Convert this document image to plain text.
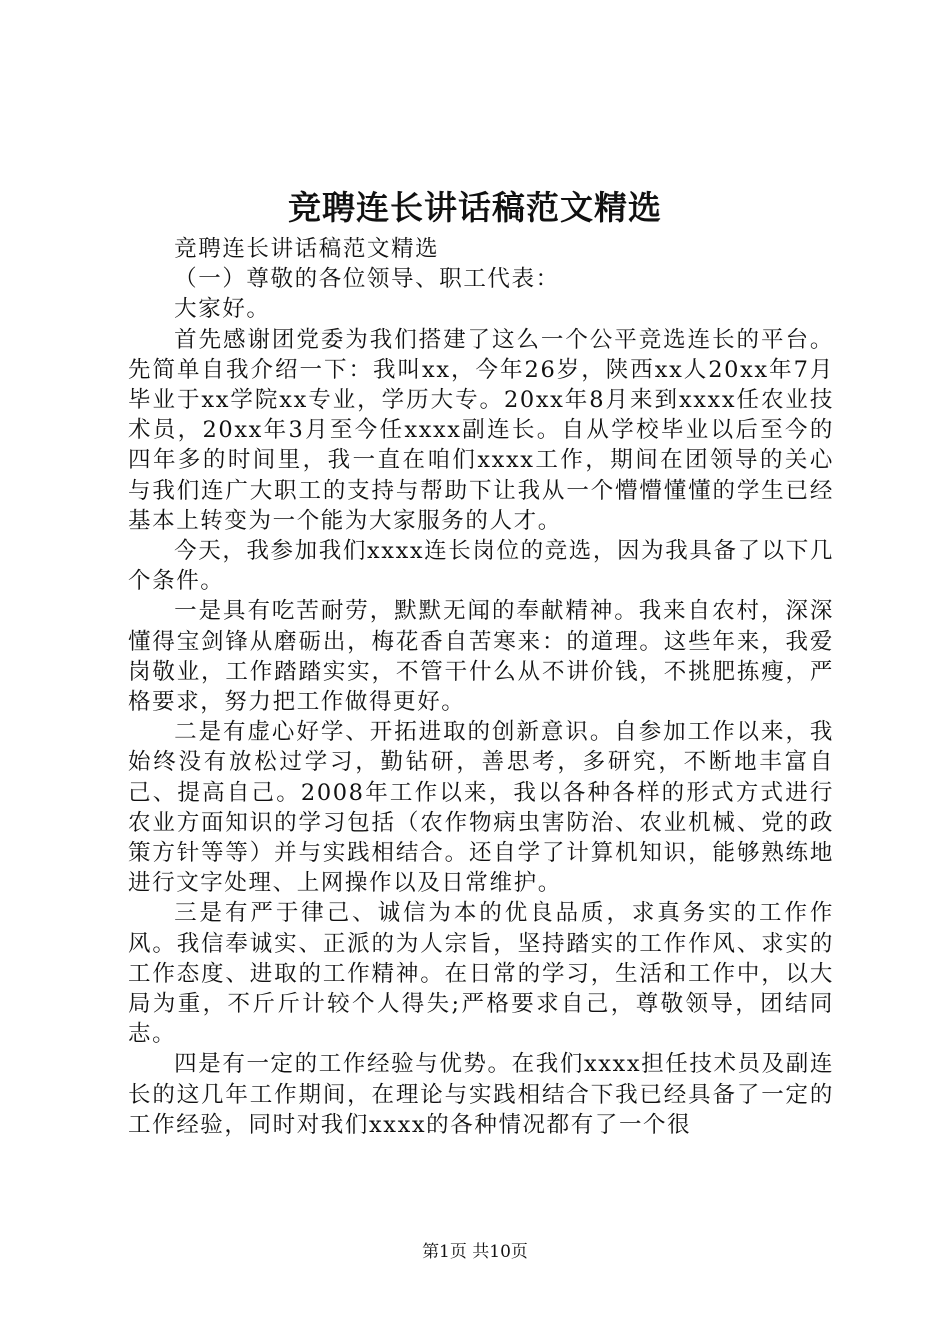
竞聘连长讲话稿范文精选

竞聘连长讲话稿范文精选

（一）尊敬的各位领导、职工代表：

大家好。

首先感谢团党委为我们搭建了这么一个公平竞选连长的平台。先简单自我介绍一下：我叫xx，今年26岁，陕西xx人20xx年7月毕业于xx学院xx专业，学历大专。20xx年8月来到xxxx任农业技术员，20xx年3月至今任xxxx副连长。自从学校毕业以后至今的四年多的时间里，我一直在咱们xxxx工作，期间在团领导的关心与我们连广大职工的支持与帮助下让我从一个懵懵懂懂的学生已经基本上转变为一个能为大家服务的人才。

今天，我参加我们xxxx连长岗位的竞选，因为我具备了以下几个条件。

一是具有吃苦耐劳，默默无闻的奉献精神。我来自农村，深深懂得宝剑锋从磨砺出，梅花香自苦寒来：的道理。这些年来，我爱岗敬业，工作踏踏实实，不管干什么从不讲价钱，不挑肥拣瘦，严格要求，努力把工作做得更好。

二是有虚心好学、开拓进取的创新意识。自参加工作以来，我始终没有放松过学习，勤钻研，善思考，多研究，不断地丰富自己、提高自己。2008年工作以来，我以各种各样的形式方式进行农业方面知识的学习包括（农作物病虫害防治、农业机械、党的政策方针等等）并与实践相结合。还自学了计算机知识，能够熟练地进行文字处理、上网操作以及日常维护。

三是有严于律己、诚信为本的优良品质，求真务实的工作作风。我信奉诚实、正派的为人宗旨，坚持踏实的工作作风、求实的工作态度、进取的工作精神。在日常的学习，生活和工作中，以大局为重，不斤斤计较个人得失;严格要求自己，尊敬领导，团结同志。

四是有一定的工作经验与优势。在我们xxxx担任技术员及副连长的这几年工作期间，在理论与实践相结合下我已经具备了一定的工作经验，同时对我们xxxx的各种情况都有了一个很

第1页 共10页
